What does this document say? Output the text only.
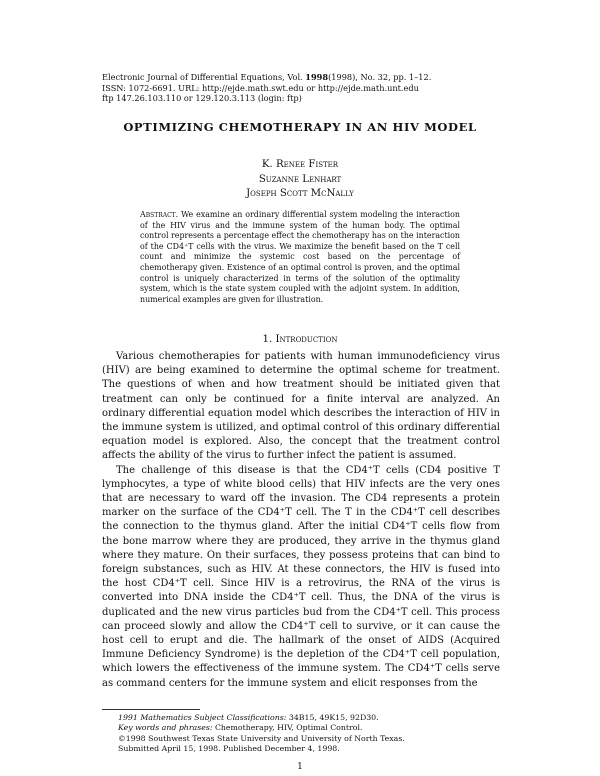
Electronic Journal of Differential Equations, Vol. 1998(1998), No. 32, pp. 1–12.
ISSN: 1072-6691. URL: http://ejde.math.swt.edu or http://ejde.math.unt.edu
ftp 147.26.103.110 or 129.120.3.113 (login: ftp)
OPTIMIZING CHEMOTHERAPY IN AN HIV MODEL
K. Renee Fister
Suzanne Lenhart
Joseph Scott McNally
Abstract. We examine an ordinary differential system modeling the interaction of the HIV virus and the immune system of the human body. The optimal control represents a percentage effect the chemotherapy has on the interaction of the CD4⁺T cells with the virus. We maximize the benefit based on the T cell count and minimize the systemic cost based on the percentage of chemotherapy given. Existence of an optimal control is proven, and the optimal control is uniquely characterized in terms of the solution of the optimality system, which is the state system coupled with the adjoint system. In addition, numerical examples are given for illustration.
1. Introduction

Various chemotherapies for patients with human immunodeficiency virus (HIV) are being examined to determine the optimal scheme for treatment. The questions of when and how treatment should be initiated given that treatment can only be continued for a finite interval are analyzed. An ordinary differential equation model which describes the interaction of HIV in the immune system is utilized, and optimal control of this ordinary differential equation model is explored. Also, the concept that the treatment control affects the ability of the virus to further infect the patient is assumed.

The challenge of this disease is that the CD4⁺T cells (CD4 positive T lymphocytes, a type of white blood cells) that HIV infects are the very ones that are necessary to ward off the invasion. The CD4 represents a protein marker on the surface of the CD4⁺T cell. The T in the CD4⁺T cell describes the connection to the thymus gland. After the initial CD4⁺T cells flow from the bone marrow where they are produced, they arrive in the thymus gland where they mature. On their surfaces, they possess proteins that can bind to foreign substances, such as HIV. At these connectors, the HIV is fused into the host CD4⁺T cell. Since HIV is a retrovirus, the RNA of the virus is converted into DNA inside the CD4⁺T cell. Thus, the DNA of the virus is duplicated and the new virus particles bud from the CD4⁺T cell. This process can proceed slowly and allow the CD4⁺T cell to survive, or it can cause the host cell to erupt and die. The hallmark of the onset of AIDS (Acquired Immune Deficiency Syndrome) is the depletion of the CD4⁺T cell population, which lowers the effectiveness of the immune system. The CD4⁺T cells serve as command centers for the immune system and elicit responses from the

1991 Mathematics Subject Classifications: 34B15, 49K15, 92D30.
Key words and phrases: Chemotherapy, HIV, Optimal Control.
©1998 Southwest Texas State University and University of North Texas.
Submitted April 15, 1998. Published December 4, 1998.
1
